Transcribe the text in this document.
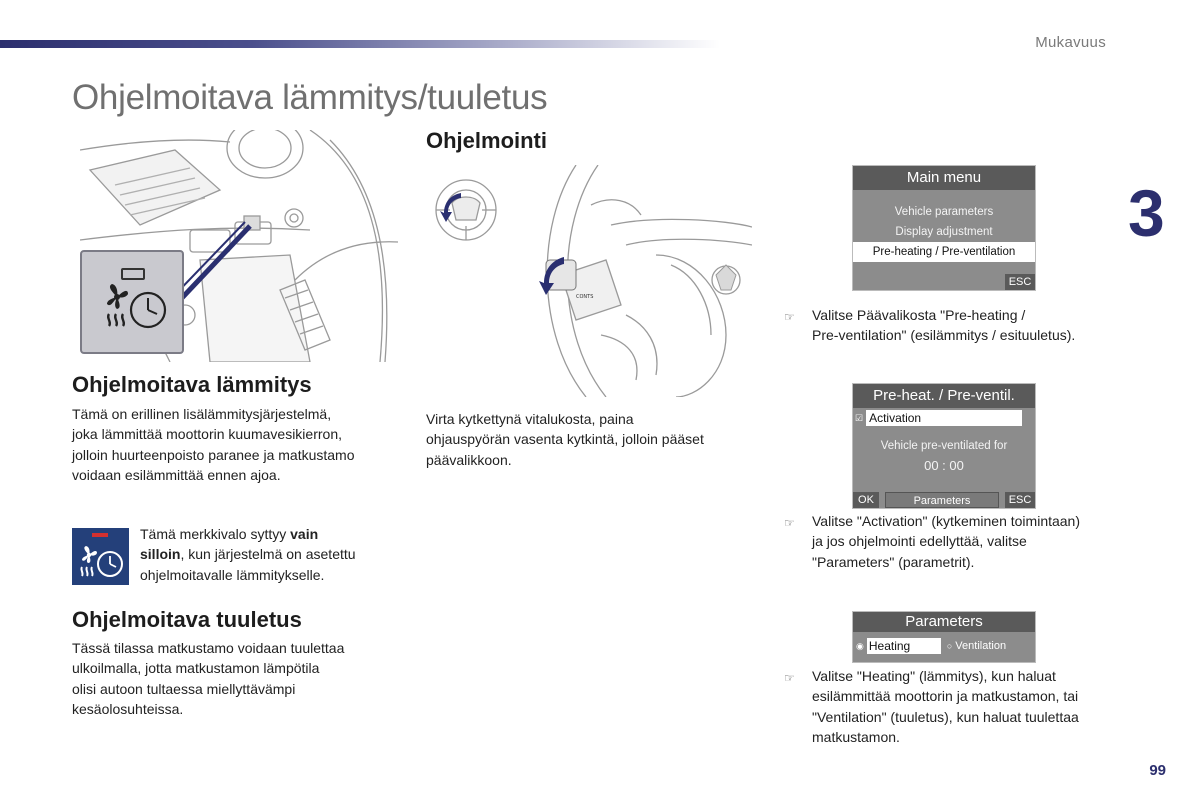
Mukavuus
3
Ohjelmoitava lämmitys/tuuletus
Ohjelmoitava lämmitys

Tämä on erillinen lisälämmitysjärjestelmä,

joka lämmittää moottorin kuumavesikierron,

jolloin huurteenpoisto paranee ja matkustamo

voidaan esilämmittää ennen ajoa.

Tämä merkkivalo syttyy vain

silloin, kun järjestelmä on asetettu

ohjelmoitavalle lämmitykselle.

Ohjelmoitava tuuletus

Tässä tilassa matkustamo voidaan tuulettaa

ulkoilmalla, jotta matkustamon lämpötila

olisi autoon tultaessa miellyttävämpi

kesäolosuhteissa.

Ohjelmointi
CONTS

Virta kytkettynä vitalukosta, paina

ohjauspyörän vasenta kytkintä, jolloin pääset

päävalikkoon.

Main menu
Vehicle parameters
Display adjustment
Pre-heating / Pre-ventilation
ESC
☞ Valitse Päävalikosta "Pre-heating /

Pre-ventilation" (esilämmitys / esituuletus).

Pre-heat. / Pre-ventil.
☑ Activation
Vehicle pre-ventilated for
00 : 00
OK	Parameters	ESC
☞ Valitse "Activation" (kytkeminen toimintaan)

ja jos ohjelmointi edellyttää, valitse

"Parameters" (parametrit).

Parameters
◉ Heating	○ Ventilation
☞ Valitse "Heating" (lämmitys), kun haluat

esilämmittää moottorin ja matkustamon, tai

"Ventilation" (tuuletus), kun haluat tuulettaa

matkustamon.

99
